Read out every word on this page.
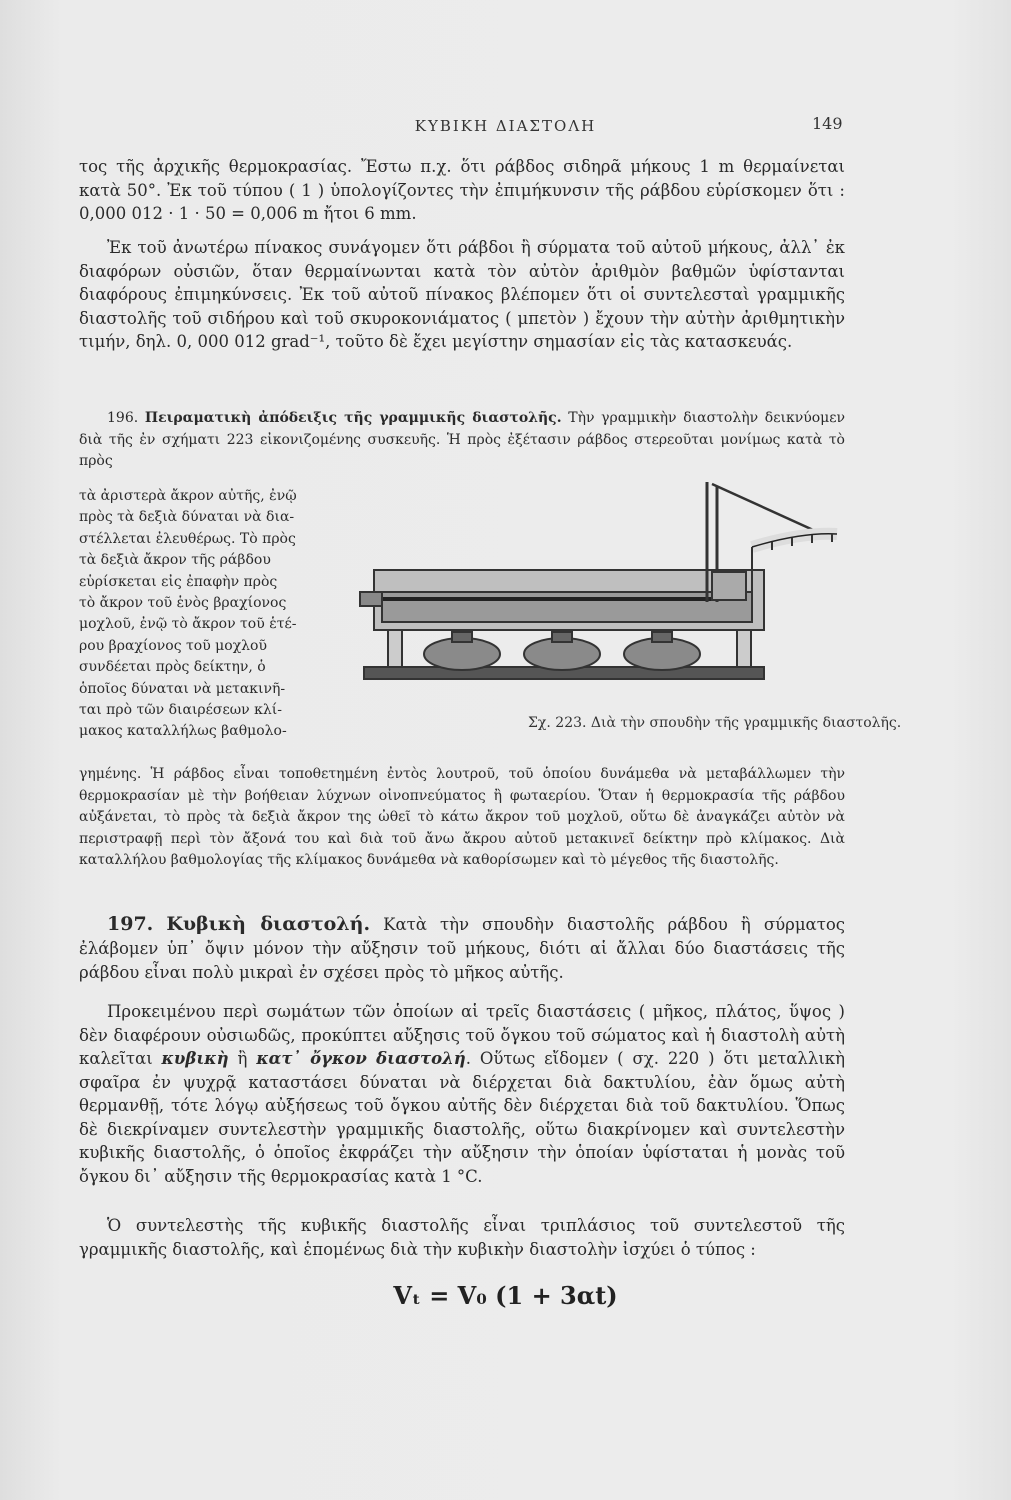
ΚΥΒΙΚΗ ΔΙΑΣΤΟΛΗ	149

τος τῆς ἀρχικῆς θερμοκρασίας. Ἔστω π.χ. ὅτι ράβδος σιδηρᾶ μήκους 1 m θερμαίνεται κατὰ 50°. Ἐκ τοῦ τύπου ( 1 ) ὑπολογίζοντες τὴν ἐπιμήκυνσιν τῆς ράβδου εὑρίσκομεν ὅτι : 0,000 012 · 1 · 50 = 0,006 m ἤτοι 6 mm.

Ἐκ τοῦ ἀνωτέρω πίνακος συνάγομεν ὅτι ράβδοι ἢ σύρματα τοῦ αὐτοῦ μήκους, ἀλλ᾽ ἐκ διαφόρων οὐσιῶν, ὅταν θερμαίνωνται κατὰ τὸν αὐτὸν ἀριθμὸν βαθμῶν ὑφίστανται διαφόρους ἐπιμηκύνσεις. Ἐκ τοῦ αὐτοῦ πίνακος βλέπομεν ὅτι οἱ συντελεσταὶ γραμμικῆς διαστολῆς τοῦ σιδήρου καὶ τοῦ σκυροκονιάματος ( μπετὸν ) ἔχουν τὴν αὐτὴν ἀριθμητικὴν τιμήν, δηλ. 0, 000 012 grad⁻¹, τοῦτο δὲ ἔχει μεγίστην σημασίαν εἰς τὰς κατασκευάς.

196. Πειραματικὴ ἀπόδειξις τῆς γραμμικῆς διαστολῆς. Τὴν γραμμικὴν διαστολὴν δεικνύομεν διὰ τῆς ἐν σχήματι 223 εἰκονιζομένης συσκευῆς. Ἡ πρὸς ἐξέτασιν ράβδος στερεοῦται μονίμως κατὰ τὸ πρὸς

τὰ ἀριστερὰ ἄκρον αὐτῆς, ἐνῷ
πρὸς τὰ δεξιὰ δύναται νὰ δια-
στέλλεται ἐλευθέρως. Τὸ πρὸς
τὰ δεξιὰ ἄκρον τῆς ράβδου
εὑρίσκεται εἰς ἐπαφὴν πρὸς
τὸ ἄκρον τοῦ ἑνὸς βραχίονος
μοχλοῦ, ἐνῷ τὸ ἄκρον τοῦ ἑτέ-
ρου βραχίονος τοῦ μοχλοῦ
συνδέεται πρὸς δείκτην, ὁ
ὁποῖος δύναται νὰ μετακινῆ-
ται πρὸ τῶν διαιρέσεων κλί-
μακος καταλλήλως βαθμολο-
Σχ. 223. Διὰ τὴν σπουδὴν τῆς γραμμικῆς διαστολῆς.

γημένης. Ἡ ράβδος εἶναι τοποθετημένη ἐντὸς λουτροῦ, τοῦ ὁποίου δυνάμεθα νὰ μεταβάλλωμεν τὴν θερμοκρασίαν μὲ τὴν βοήθειαν λύχνων οἰνοπνεύματος ἢ φωταερίου. Ὅταν ἡ θερμοκρασία τῆς ράβδου αὐξάνεται, τὸ πρὸς τὰ δεξιὰ ἄκρον της ὠθεῖ τὸ κάτω ἄκρον τοῦ μοχλοῦ, οὕτω δὲ ἀναγκάζει αὐτὸν νὰ περιστραφῇ περὶ τὸν ἄξονά του καὶ διὰ τοῦ ἄνω ἄκρου αὐτοῦ μετακινεῖ δείκτην πρὸ κλίμακος. Διὰ καταλλήλου βαθμολογίας τῆς κλίμακος δυνάμεθα νὰ καθορίσωμεν καὶ τὸ μέγεθος τῆς διαστολῆς.

197. Κυβικὴ διαστολή. Κατὰ τὴν σπουδὴν διαστολῆς ράβδου ἢ σύρματος ἐλάβομεν ὑπ᾽ ὄψιν μόνον τὴν αὔξησιν τοῦ μήκους, διότι αἱ ἄλλαι δύο διαστάσεις τῆς ράβδου εἶναι πολὺ μικραὶ ἐν σχέσει πρὸς τὸ μῆκος αὐτῆς.

Προκειμένου περὶ σωμάτων τῶν ὁποίων αἱ τρεῖς διαστάσεις ( μῆκος, πλάτος, ὕψος ) δὲν διαφέρουν οὐσιωδῶς, προκύπτει αὔξησις τοῦ ὄγκου τοῦ σώματος καὶ ἡ διαστολὴ αὐτὴ καλεῖται κυβικὴ ἢ κατ᾽ ὄγκον διαστολή. Οὕτως εἴδομεν ( σχ. 220 ) ὅτι μεταλλικὴ σφαῖρα ἐν ψυχρᾷ καταστάσει δύναται νὰ διέρχεται διὰ δακτυλίου, ἐὰν ὅμως αὐτὴ θερμανθῇ, τότε λόγῳ αὐξήσεως τοῦ ὄγκου αὐτῆς δὲν διέρχεται διὰ τοῦ δακτυλίου. Ὅπως δὲ διεκρίναμεν συντελεστὴν γραμμικῆς διαστολῆς, οὕτω διακρίνομεν καὶ συντελεστὴν κυβικῆς διαστολῆς, ὁ ὁποῖος ἐκφράζει τὴν αὔξησιν τὴν ὁποίαν ὑφίσταται ἡ μονὰς τοῦ ὄγκου δι᾽ αὔξησιν τῆς θερμοκρασίας κατὰ 1 °C.

Ὁ συντελεστὴς τῆς κυβικῆς διαστολῆς εἶναι τριπλάσιος τοῦ συντελεστοῦ τῆς γραμμικῆς διαστολῆς, καὶ ἑπομένως διὰ τὴν κυβικὴν διαστολὴν ἰσχύει ὁ τύπος :

Vₜ = V₀ (1 + 3αt)
